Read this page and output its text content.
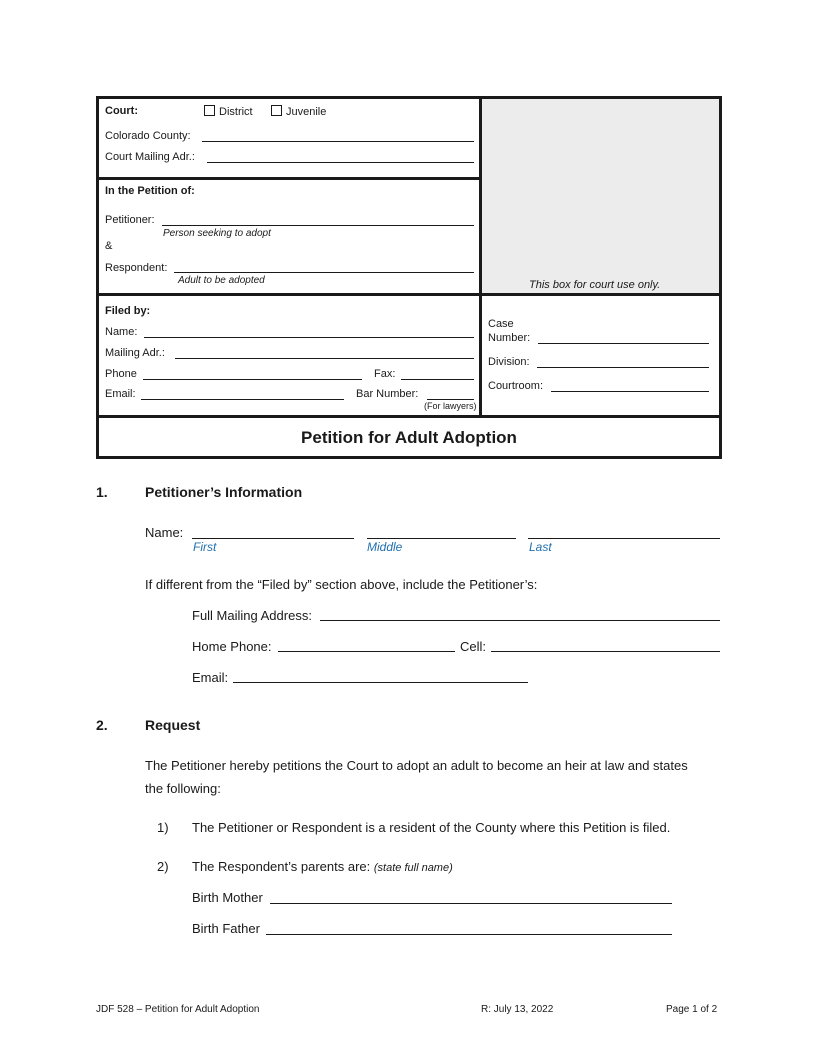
Court:	District	Juvenile
Colorado County:
Court Mailing Adr.:
In the Petition of:
Petitioner:
Person seeking to adopt
&
Respondent:
Adult to be adopted	This box for court use only.
Filed by:
Name:
Mailing Adr.:
Phone	Fax:
Email:	Bar Number:
(For lawyers)
Case
Number:
Division:
Courtroom:
Petition for Adult Adoption
1.	Petitioner’s Information
Name:
First	Middle	Last
If different from the “Filed by” section above, include the Petitioner’s:
Full Mailing Address:
Home Phone:	Cell:
Email:
2.	Request
The Petitioner hereby petitions the Court to adopt an adult to become an heir at law and states
the following:
1) The Petitioner or Respondent is a resident of the County where this Petition is filed.
2) The Respondent’s parents are: (state full name)
Birth Mother
Birth Father
JDF 528 – Petition for Adult Adoption	R: July 13, 2022	Page 1 of 2
